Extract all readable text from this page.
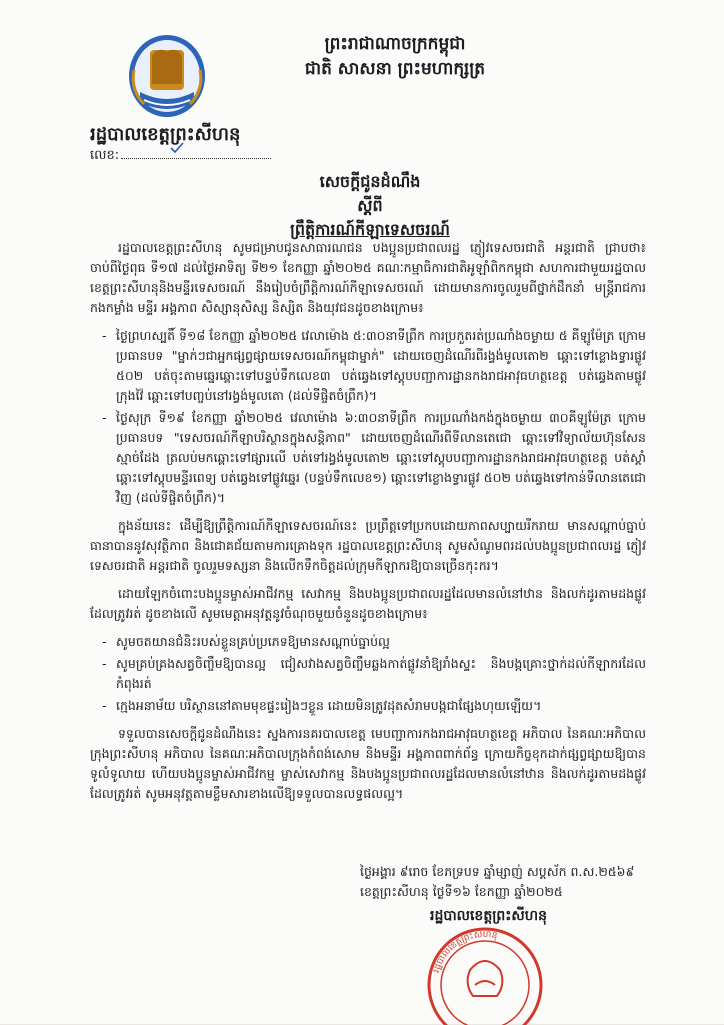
ព្រះរាជាណាចក្រកម្ពុជា
ជាតិ សាសនា ព្រះមហាក្សត្រ
រដ្ឋបាលខេត្តព្រះសីហនុ
លេខ:
សេចក្តីជូនដំណឹង
ស្តីពី
ព្រឹត្តិការណ៍កីឡាទេសចរណ៍

រដ្ឋបាលខេត្តព្រះសីហនុ សូមជម្រាបជូនសាធារណជន បងប្អូនប្រជាពលរដ្ឋ ភ្ញៀវទេសចរជាតិ អន្តរជាតិ ជ្រាបថា៖ ចាប់ពីថ្ងៃពុធ ទី១៧ ដល់ថ្ងៃអាទិត្យ ទី២១ ខែកញ្ញា ឆ្នាំ២០២៥ គណៈកម្មាធិការជាតិអូឡាំពិកកម្ពុជា សហការជាមួយរដ្ឋបាលខេត្តព្រះសីហនុនិងមន្ទីរទេសចរណ៍ នឹងរៀបចំព្រឹត្តិការណ៍កីឡាទេសចរណ៍ ដោយមានការចូលរួមពីថ្នាក់ដឹកនាំ មន្ត្រីរាជការ កងកម្លាំង មន្ទីរ អង្គភាព សិស្សានុសិស្ស និស្សិត និងយុវជនដូចខាងក្រោម៖

- ថ្ងៃព្រហស្បតិ៍ ទី១៨ ខែកញ្ញា ឆ្នាំ២០២៥ វេលាម៉ោង ៥:៣០នាទីព្រឹក ការប្រកួតរត់ប្រណាំងចម្ងាយ ៥ គីឡូម៉ែត្រ ក្រោមប្រធានបទ "ម្នាក់ៗជាអ្នកផ្សព្វផ្សាយទេសចរណ៍កម្ពុជាម្នាក់" ដោយចេញដំណើរពីរង្វង់មូលតោ២ ឆ្ពោះទៅខ្លោងទ្វារផ្លូវ ៥០២ បត់ចុះតាមឆ្នេរឆ្ពោះទៅបន្ទប់ទឹកលេខ៣ បត់ឆ្វេងទៅស្តុបបញ្ជាការដ្ឋានកងរាជអាវុធហត្ថខេត្ត បត់ឆ្វេងតាមផ្លូវក្រុងវ៉ៃ ឆ្ពោះទៅបញ្ចប់នៅរង្វង់មូលតោ (ដល់ទីផ្ចិតចំព្រឹក)។
- ថ្ងៃសុក្រ ទី១៩ ខែកញ្ញា ឆ្នាំ២០២៥ វេលាម៉ោង ៦:៣០នាទីព្រឹក ការប្រណាំងកង់ក្នុងចម្ងាយ ៣០គីឡូម៉ែត្រ ក្រោមប្រធានបទ "ទេសចរណ៍កីឡាបរិស្ថានក្នុងសន្តិភាព" ដោយចេញដំណើរពីទីលានតេជោ ឆ្ពោះទៅវិទ្យាល័យហ៊ុនសែនស្មាច់ដែង ត្រលប់មកឆ្ពោះទៅផ្សារលើ បត់ទៅរង្វង់មូលតោ២ ឆ្ពោះទៅស្តុបបញ្ជាការដ្ឋានកងរាជអាវុធហត្ថខេត្ត បត់ស្តាំឆ្ពោះទៅស្តុបមន្ទីរពេទ្យ បត់ឆ្វេងទៅផ្លូវឆ្នេរ (បន្ទប់ទឹកលេខ១) ឆ្ពោះទៅខ្លោងទ្វារផ្លូវ ៥០២ បត់ឆ្វេងទៅកាន់ទីលានតេជោវិញ (ដល់ទីផ្ចិតចំព្រឹក)។

ក្នុងន័យនេះ ដើម្បីឱ្យព្រឹត្តិការណ៍កីឡាទេសចរណ៍នេះ ប្រព្រឹត្តទៅប្រកបដោយភាពសប្បាយរីករាយ មានសណ្តាប់ធ្នាប់ ធានាបាននូវសុវត្ថិភាព និងជោគជ័យតាមការគ្រោងទុក រដ្ឋបាលខេត្តព្រះសីហនុ សូមសំណូមពរដល់បងប្អូនប្រជាពលរដ្ឋ ភ្ញៀវទេសចរជាតិ អន្តរជាតិ ចូលរួមទស្សនា និងលើកទឹកចិត្តដល់ក្រុមកីឡាករឱ្យបានច្រើនកុះករ។

ដោយឡែកចំពោះបងប្អូនម្ចាស់អាជីវកម្ម សេវាកម្ម និងបងប្អូនប្រជាពលរដ្ឋដែលមានលំនៅឋាន និងលក់ដូរតាមដងផ្លូវដែលត្រូវរត់ ដូចខាងលើ សូមមេត្តាអនុវត្តនូវចំណុចមួយចំនួនដូចខាងក្រោម៖

- សូមចតយានជំនិះរបស់ខ្លួនគ្រប់ប្រភេទឱ្យមានសណ្តាប់ធ្នាប់ល្អ
- សូមគ្រប់គ្រងសត្វចិញ្ចឹមឱ្យបានល្អ ជៀសវាងសត្វចិញ្ចឹមឆ្លងកាត់ផ្លូវនាំឱ្យរាំងស្ទះ និងបង្កគ្រោះថ្នាក់ដល់កីឡាករដែលកំពុងរត់
- ក្មេងអនាម័យ បរិស្ថាននៅតាមមុខផ្ទះរៀងៗខ្លួន ដោយមិនត្រូវដុតសំរាមបង្កជាផ្សែងហុយឡើយ។

ទទួលបានសេចក្តីជូនដំណឹងនេះ ស្នងការនគរបាលខេត្ត មេបញ្ជាការកងរាជអាវុធហត្ថខេត្ត អភិបាល នៃគណៈអភិបាលក្រុងព្រះសីហនុ អភិបាល នៃគណៈអភិបាលក្រុងកំពង់សោម និងមន្ទីរ អង្គភាពពាក់ព័ន្ធ ក្រោយកិច្ចខុកដាក់ផ្សព្វផ្សាយឱ្យបានទូលំទូលាយ ហើយបងប្អូនម្ចាស់អាជីវកម្ម ម្ចាស់សេវាកម្ម និងបងប្អូនប្រជាពលរដ្ឋដែលមានលំនៅឋាន និងលក់ដូរតាមដងផ្លូវដែលត្រូវរត់ សូមអនុវត្តតាមខ្លឹមសារខាងលើឱ្យទទួលបានលទ្ធផលល្អ។

ថ្ងៃអង្គារ ៩រោច ខែភទ្របទ ឆ្នាំម្សាញ់ សប្តស័ក ព.ស.២៥៦៩
ខេត្តព្រះសីហនុ ថ្ងៃទី១៦ ខែកញ្ញា ឆ្នាំ២០២៥
រដ្ឋបាលខេត្តព្រះសីហនុ
រដ្ឋបាលខេត្តព្រះសីហនុ
